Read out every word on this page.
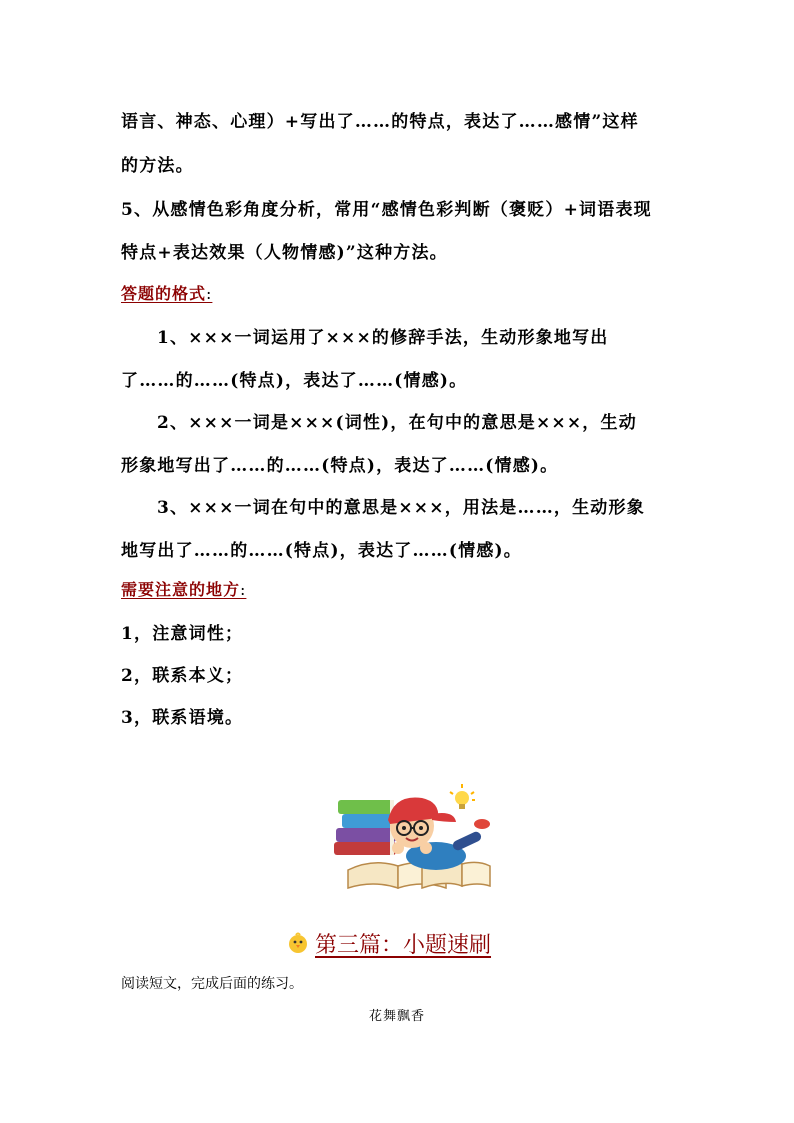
语言、神态、心理）+写出了……的特点，表达了……感情”这样
的方法。
5、从感情色彩角度分析，常用“感情色彩判断（褒贬）+词语表现
特点+表达效果（人物情感)”这种方法。
答题的格式:
1、×××一词运用了×××的修辞手法，生动形象地写出
了……的……(特点)，表达了……(情感)。
2、×××一词是×××(词性)，在句中的意思是×××，生动
形象地写出了……的……(特点)，表达了……(情感)。
3、×××一词在句中的意思是×××，用法是……，生动形象
地写出了……的……(特点)，表达了……(情感)。
需要注意的地方:
1，注意词性；
2，联系本义；
3，联系语境。
第三篇：小题速刷
阅读短文，完成后面的练习。
花舞飘香
